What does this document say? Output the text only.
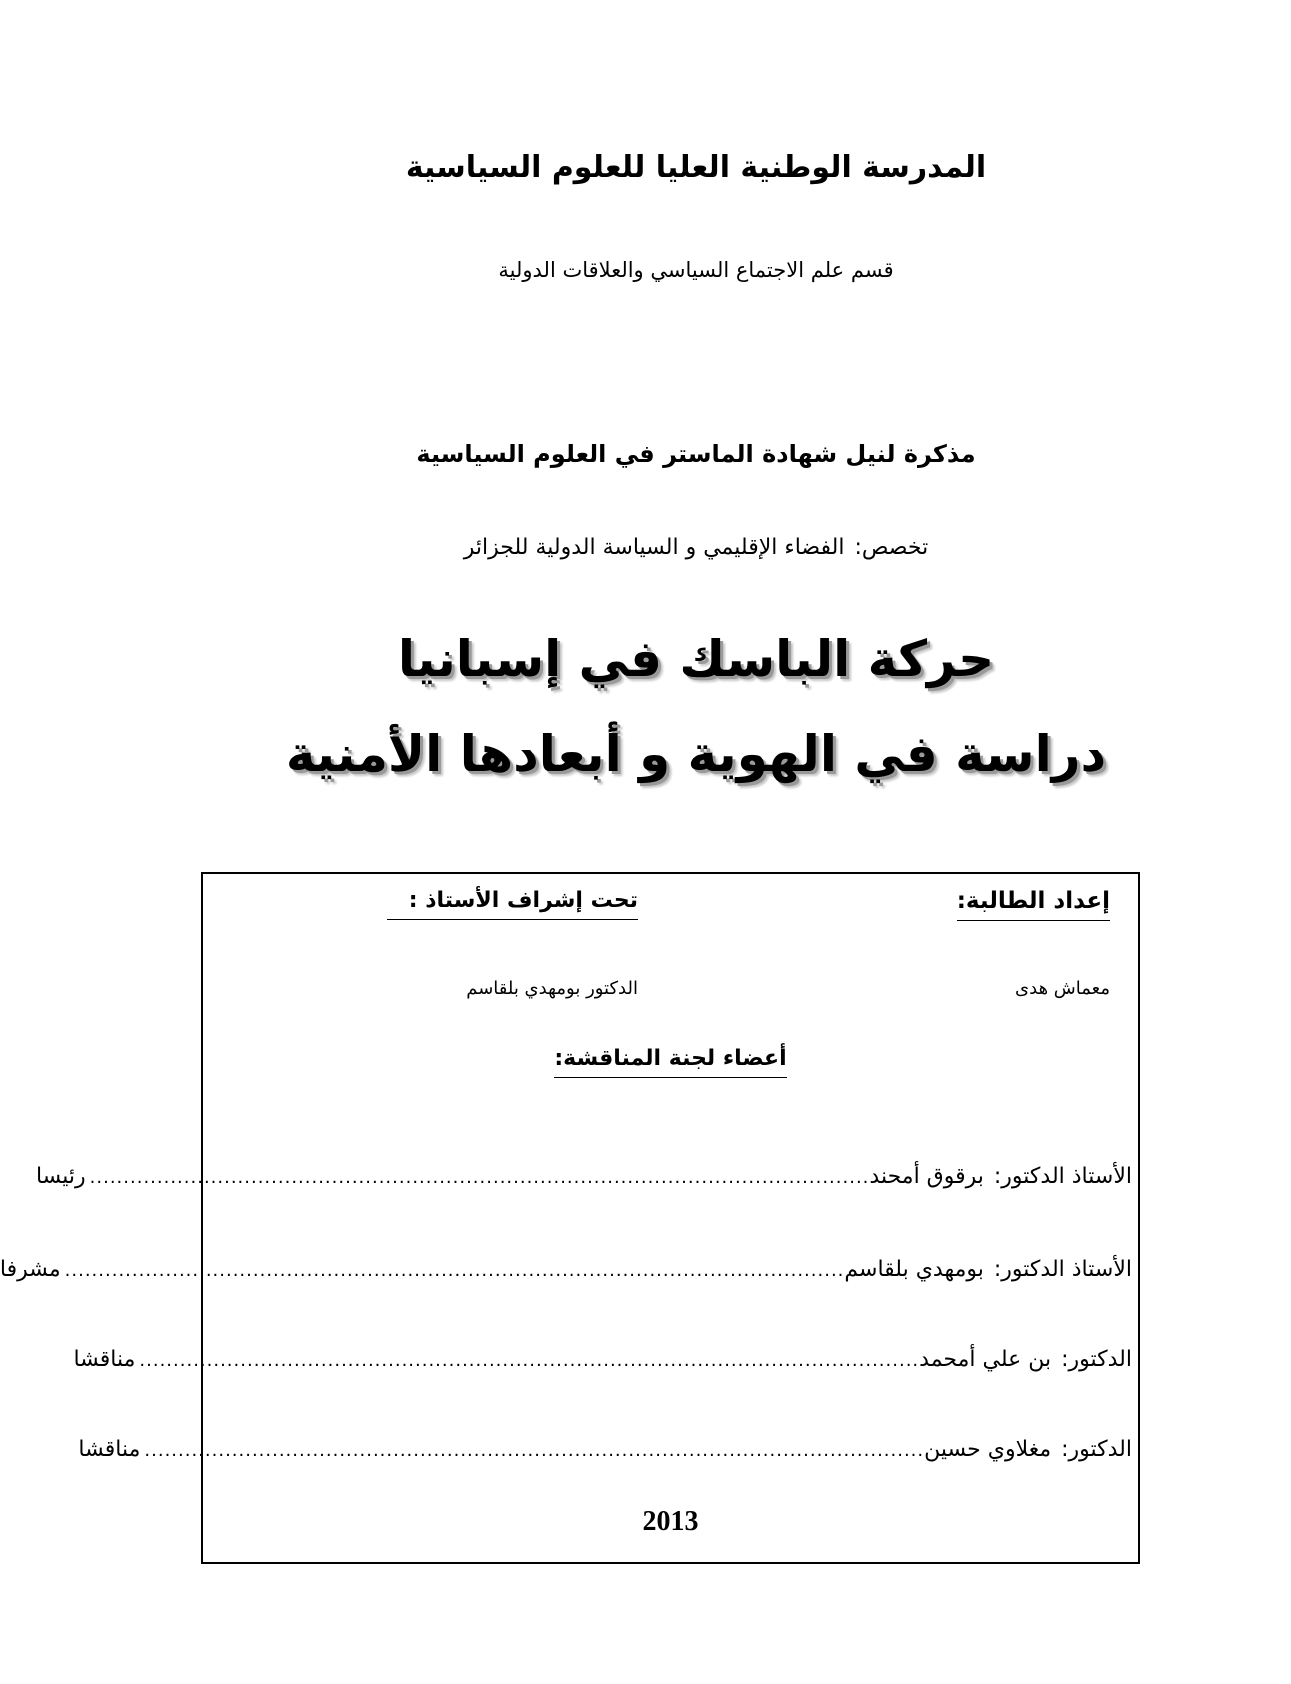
المدرسة الوطنية العليا للعلوم السياسية
قسم علم الاجتماع السياسي والعلاقات الدولية
مذكرة لنيل شهادة الماستر في العلوم السياسية
تخصص:الفضاء الإقليمي و السياسة الدولية للجزائر
حركة الباسك في إسبانيا
دراسة في الهوية و أبعادها الأمنية
إعداد الطالبة:
تحت إشراف الأستاذ :
معماش هدى
الدكتور بومهدي بلقاسم
أعضاء لجنة المناقشة:
الأستاذ الدكتور:
برقوق أمحند
....................................................................................................................
رئيسا
الأستاذ الدكتور:
بومهدي بلقاسم
....................................................................................................................
مشرفا
الدكتور:
بن علي أمحمد
....................................................................................................................
مناقشا
الدكتور:
مغلاوي حسين
....................................................................................................................
مناقشا
2013
